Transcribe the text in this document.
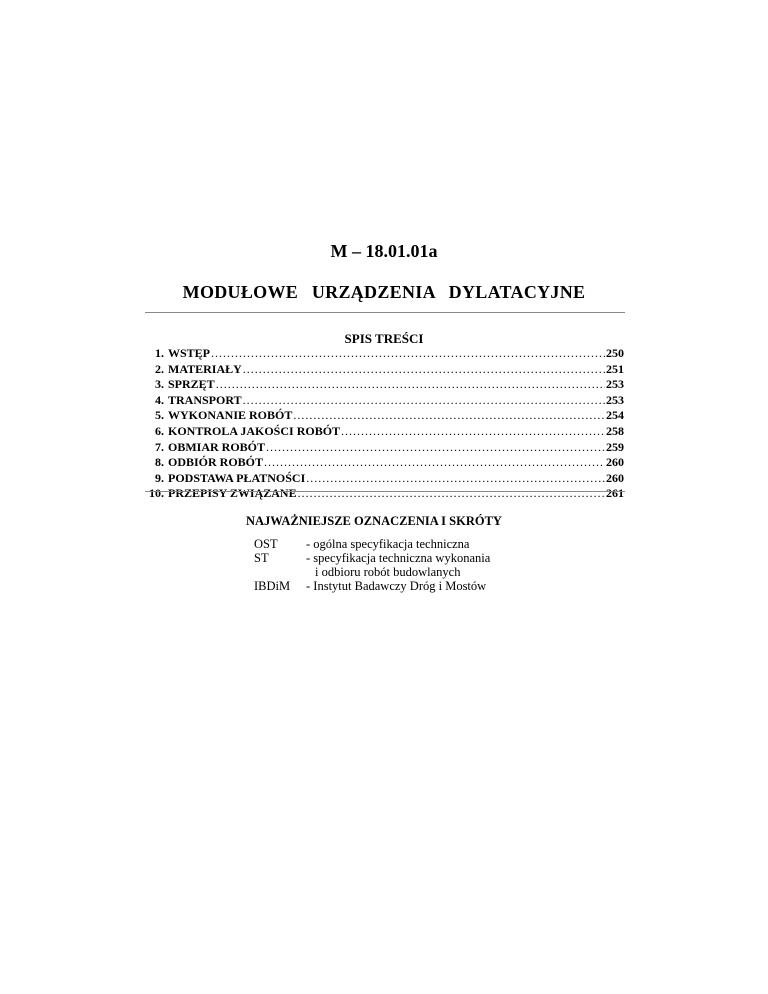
M – 18.01.01a
MODUŁOWE URZĄDZENIA DYLATACYJNE
SPIS TREŚCI
1. WSTĘP .....	250
2. MATERIAŁY .....	251
3. SPRZĘT .....	253
4. TRANSPORT .....	253
5. WYKONANIE ROBÓT .....	254
6. KONTROLA JAKOŚCI ROBÓT .....	258
7. OBMIAR ROBÓT .....	259
8. ODBIÓR ROBÓT .....	260
9. PODSTAWA PŁATNOŚCI .....	260
10. PRZEPISY ZWIĄZANE .....	261
NAJWAŻNIEJSZE OZNACZENIA I SKRÓTY
OST	- ogólna specyfikacja techniczna
ST	- specyfikacja techniczna wykonania
i odbioru robót budowlanych
IBDiM	- Instytut Badawczy Dróg i Mostów
